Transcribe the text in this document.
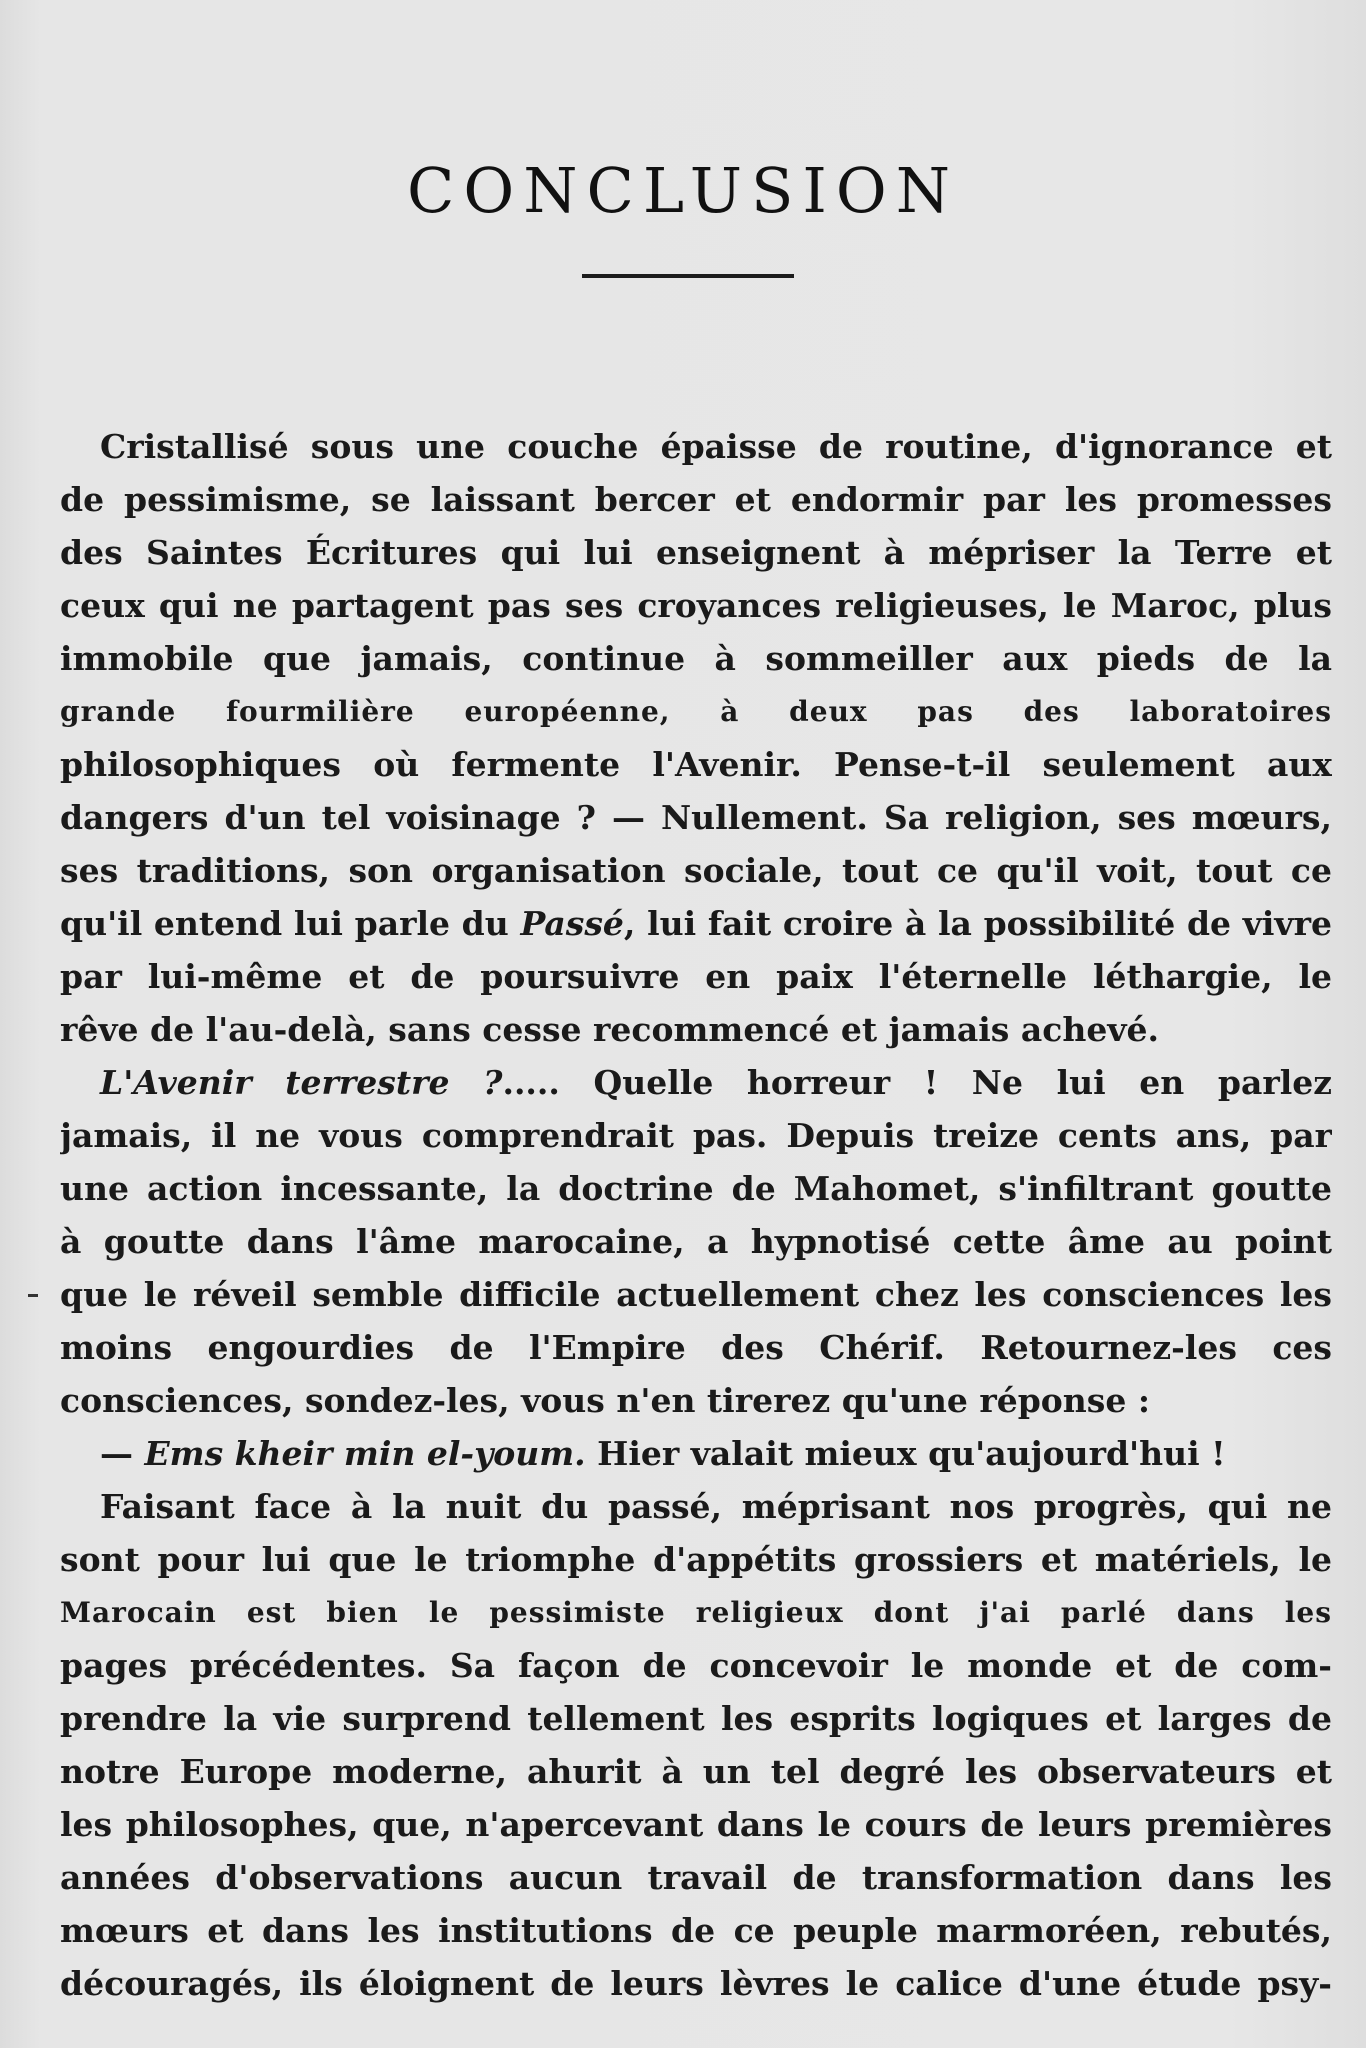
CONCLUSION
Cristallisé sous une couche épaisse de routine, d'ignorance et
de pessimisme, se laissant bercer et endormir par les promesses
des Saintes Écritures qui lui enseignent à mépriser la Terre et
ceux qui ne partagent pas ses croyances religieuses, le Maroc, plus
immobile que jamais, continue à sommeiller aux pieds de la
grande fourmilière européenne, à deux pas des laboratoires
philosophiques où fermente l'Avenir. Pense-t-il seulement aux
dangers d'un tel voisinage ? — Nullement. Sa religion, ses mœurs,
ses traditions, son organisation sociale, tout ce qu'il voit, tout ce
qu'il entend lui parle du Passé, lui fait croire à la possibilité de vivre
par lui-même et de poursuivre en paix l'éternelle léthargie, le
rêve de l'au-delà, sans cesse recommencé et jamais achevé.
L'Avenir terrestre ?..... Quelle horreur ! Ne lui en parlez
jamais, il ne vous comprendrait pas. Depuis treize cents ans, par
une action incessante, la doctrine de Mahomet, s'infiltrant goutte
à goutte dans l'âme marocaine, a hypnotisé cette âme au point
que le réveil semble difficile actuellement chez les consciences les
moins engourdies de l'Empire des Chérif. Retournez-les ces
consciences, sondez-les, vous n'en tirerez qu'une réponse :
— Ems kheir min el-youm. Hier valait mieux qu'aujourd'hui !
Faisant face à la nuit du passé, méprisant nos progrès, qui ne
sont pour lui que le triomphe d'appétits grossiers et matériels, le
Marocain est bien le pessimiste religieux dont j'ai parlé dans les
pages précédentes. Sa façon de concevoir le monde et de com-
prendre la vie surprend tellement les esprits logiques et larges de
notre Europe moderne, ahurit à un tel degré les observateurs et
les philosophes, que, n'apercevant dans le cours de leurs premières
années d'observations aucun travail de transformation dans les
mœurs et dans les institutions de ce peuple marmoréen, rebutés,
découragés, ils éloignent de leurs lèvres le calice d'une étude psy-
